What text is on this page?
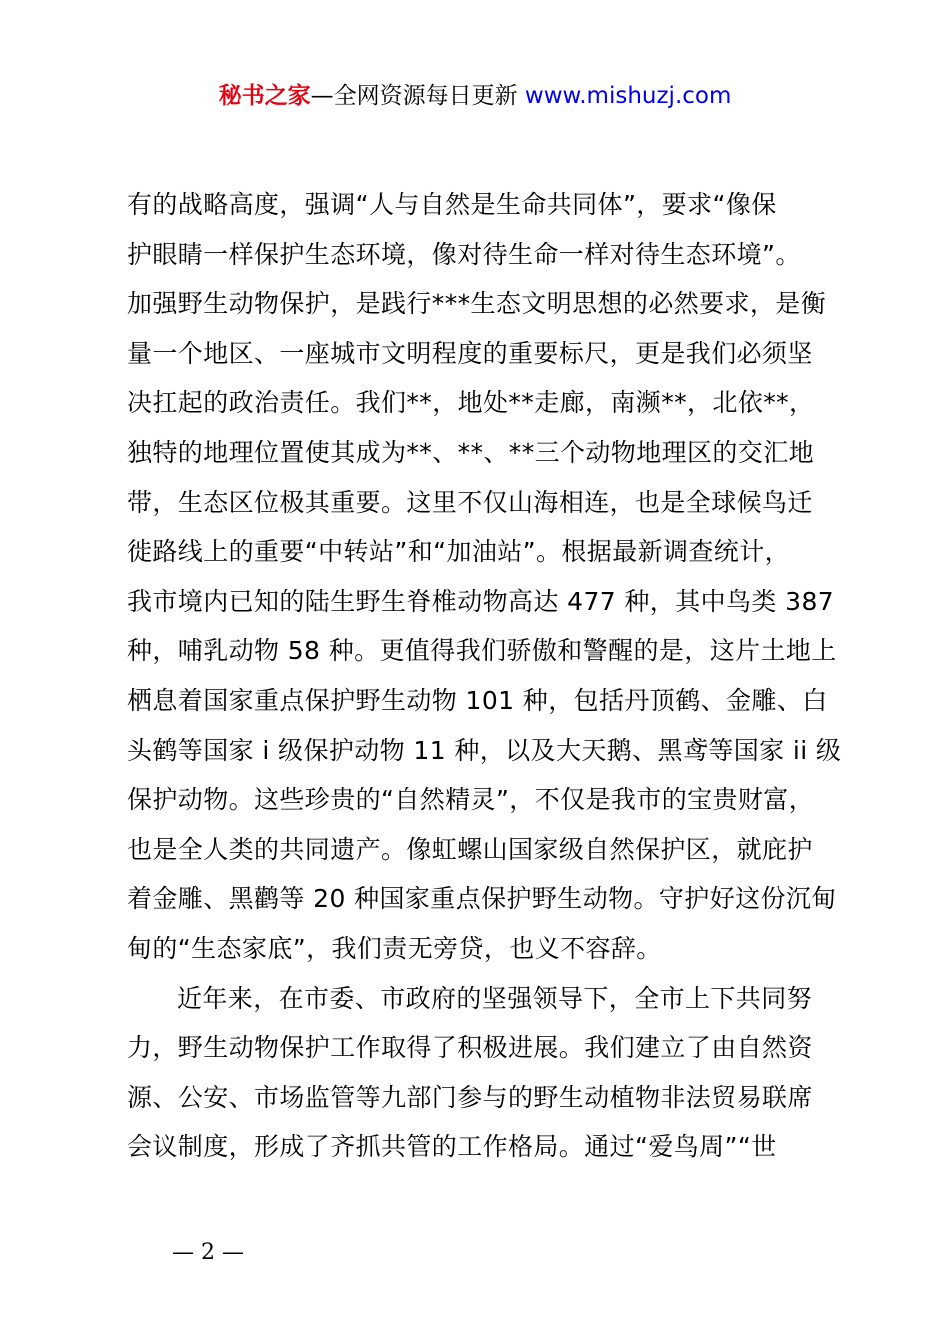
秘书之家—全网资源每日更新 www.mishuzj.com
有的战略高度，强调“人与自然是生命共同体”，要求“像保
护眼睛一样保护生态环境，像对待生命一样对待生态环境”。
加强野生动物保护，是践行***生态文明思想的必然要求，是衡
量一个地区、一座城市文明程度的重要标尺，更是我们必须坚
决扛起的政治责任。我们**，地处**走廊，南濒**，北依**，
独特的地理位置使其成为**、**、**三个动物地理区的交汇地
带，生态区位极其重要。这里不仅山海相连，也是全球候鸟迁
徙路线上的重要“中转站”和“加油站”。根据最新调查统计，
我市境内已知的陆生野生脊椎动物高达 477 种，其中鸟类 387
种，哺乳动物 58 种。更值得我们骄傲和警醒的是，这片土地上
栖息着国家重点保护野生动物 101 种，包括丹顶鹤、金雕、白
头鹤等国家 i 级保护动物 11 种，以及大天鹅、黑鸢等国家 ii 级
保护动物。这些珍贵的“自然精灵”，不仅是我市的宝贵财富，
也是全人类的共同遗产。像虹螺山国家级自然保护区，就庇护
着金雕、黑鹳等 20 种国家重点保护野生动物。守护好这份沉甸
甸的“生态家底”，我们责无旁贷，也义不容辞。
近年来，在市委、市政府的坚强领导下，全市上下共同努
力，野生动物保护工作取得了积极进展。我们建立了由自然资
源、公安、市场监管等九部门参与的野生动植物非法贸易联席
会议制度，形成了齐抓共管的工作格局。通过“爱鸟周”“世
— 2 —
